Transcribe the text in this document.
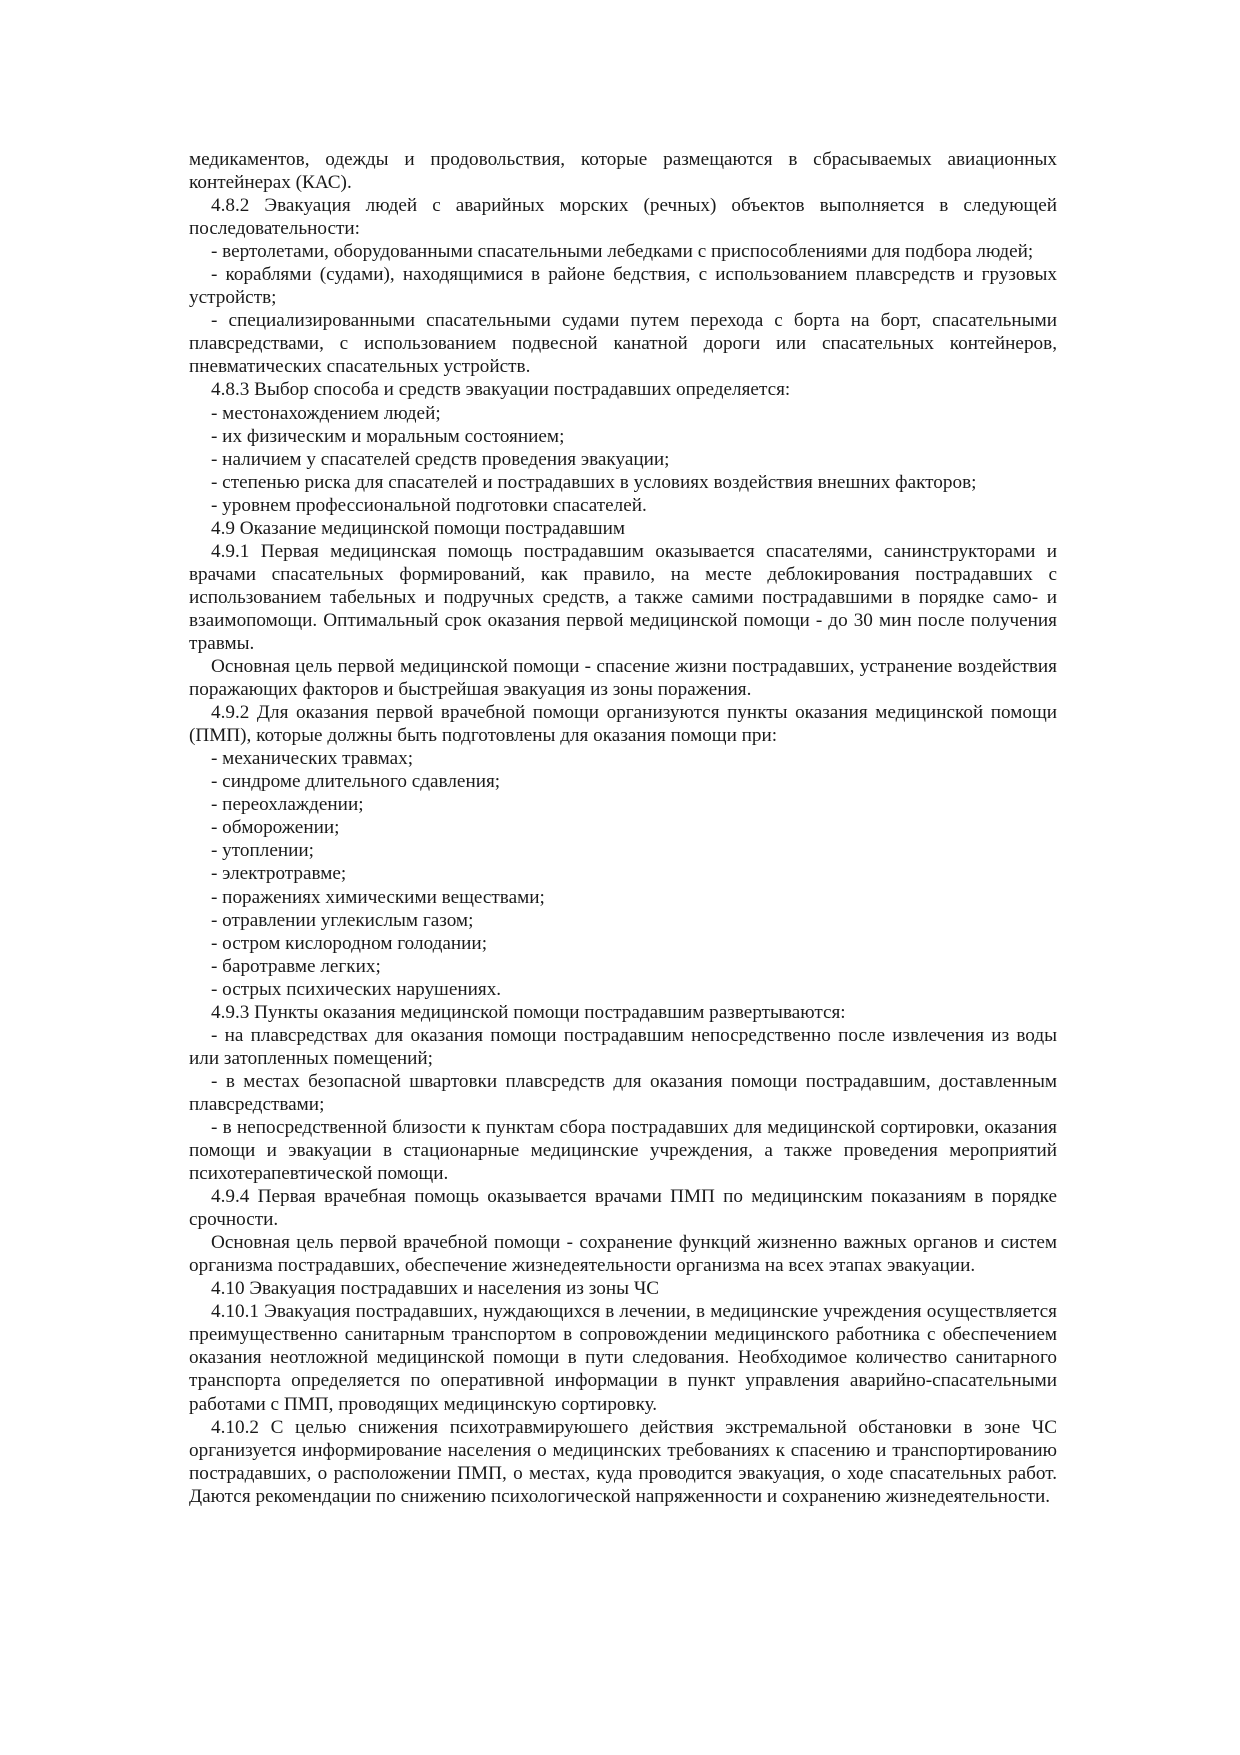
медикаментов, одежды и продовольствия, которые размещаются в сбрасываемых авиационных контейнерах (КАС).

4.8.2 Эвакуация людей с аварийных морских (речных) объектов выполняется в следующей последовательности:

- вертолетами, оборудованными спасательными лебедками с приспособлениями для подбора людей;

- кораблями (судами), находящимися в районе бедствия, с использованием плавсредств и грузовых устройств;

- специализированными спасательными судами путем перехода с борта на борт, спасательными плавсредствами, с использованием подвесной канатной дороги или спасательных контейнеров, пневматических спасательных устройств.

4.8.3 Выбор способа и средств эвакуации пострадавших определяется:

- местонахождением людей;

- их физическим и моральным состоянием;

- наличием у спасателей средств проведения эвакуации;

- степенью риска для спасателей и пострадавших в условиях воздействия внешних факторов;

- уровнем профессиональной подготовки спасателей.

4.9 Оказание медицинской помощи пострадавшим

4.9.1 Первая медицинская помощь пострадавшим оказывается спасателями, санинструкторами и врачами спасательных формирований, как правило, на месте деблокирования пострадавших с использованием табельных и подручных средств, а также самими пострадавшими в порядке само- и взаимопомощи. Оптимальный срок оказания первой медицинской помощи - до 30 мин после получения травмы.

Основная цель первой медицинской помощи - спасение жизни пострадавших, устранение воздействия поражающих факторов и быстрейшая эвакуация из зоны поражения.

4.9.2 Для оказания первой врачебной помощи организуются пункты оказания медицинской помощи (ПМП), которые должны быть подготовлены для оказания помощи при:

- механических травмах;

- синдроме длительного сдавления;

- переохлаждении;

- обморожении;

- утоплении;

- электротравме;

- поражениях химическими веществами;

- отравлении углекислым газом;

- остром кислородном голодании;

- баротравме легких;

- острых психических нарушениях.

4.9.3 Пункты оказания медицинской помощи пострадавшим развертываются:

- на плавсредствах для оказания помощи пострадавшим непосредственно после извлечения из воды или затопленных помещений;

- в местах безопасной швартовки плавсредств для оказания помощи пострадавшим, доставленным плавсредствами;

- в непосредственной близости к пунктам сбора пострадавших для медицинской сортировки, оказания помощи и эвакуации в стационарные медицинские учреждения, а также проведения мероприятий психотерапевтической помощи.

4.9.4 Первая врачебная помощь оказывается врачами ПМП по медицинским показаниям в порядке срочности.

Основная цель первой врачебной помощи - сохранение функций жизненно важных органов и систем организма пострадавших, обеспечение жизнедеятельности организма на всех этапах эвакуации.

4.10 Эвакуация пострадавших и населения из зоны ЧС

4.10.1 Эвакуация пострадавших, нуждающихся в лечении, в медицинские учреждения осуществляется преимущественно санитарным транспортом в сопровождении медицинского работника с обеспечением оказания неотложной медицинской помощи в пути следования. Необходимое количество санитарного транспорта определяется по оперативной информации в пункт управления аварийно-спасательными работами с ПМП, проводящих медицинскую сортировку.

4.10.2 С целью снижения психотравмируюшего действия экстремальной обстановки в зоне ЧС организуется информирование населения о медицинских требованиях к спасению и транспортированию пострадавших, о расположении ПМП, о местах, куда проводится эвакуация, о ходе спасательных работ. Даются рекомендации по снижению психологической напряженности и сохранению жизнедеятельности.
